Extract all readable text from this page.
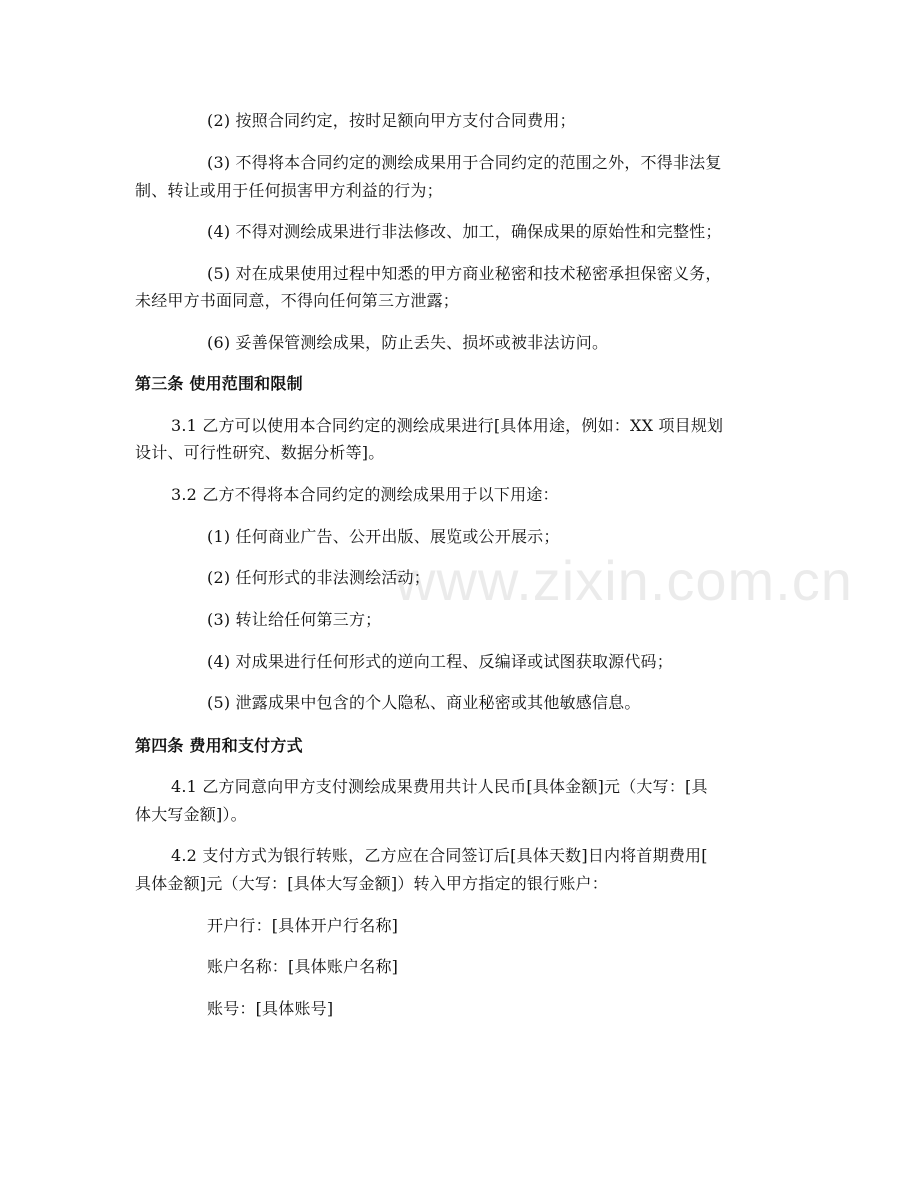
(2) 按照合同约定，按时足额向甲方支付合同费用；
(3) 不得将本合同约定的测绘成果用于合同约定的范围之外，不得非法复
制、转让或用于任何损害甲方利益的行为；
(4) 不得对测绘成果进行非法修改、加工，确保成果的原始性和完整性；
(5) 对在成果使用过程中知悉的甲方商业秘密和技术秘密承担保密义务，
未经甲方书面同意，不得向任何第三方泄露；
(6) 妥善保管测绘成果，防止丢失、损坏或被非法访问。
第三条 使用范围和限制
3.1 乙方可以使用本合同约定的测绘成果进行[具体用途，例如：XX 项目规划
设计、可行性研究、数据分析等]。
3.2 乙方不得将本合同约定的测绘成果用于以下用途：
(1) 任何商业广告、公开出版、展览或公开展示；
(2) 任何形式的非法测绘活动；
(3) 转让给任何第三方；
(4) 对成果进行任何形式的逆向工程、反编译或试图获取源代码；
(5) 泄露成果中包含的个人隐私、商业秘密或其他敏感信息。
第四条 费用和支付方式
4.1 乙方同意向甲方支付测绘成果费用共计人民币[具体金额]元（大写：[具
体大写金额]）。
4.2 支付方式为银行转账，乙方应在合同签订后[具体天数]日内将首期费用[
具体金额]元（大写：[具体大写金额]）转入甲方指定的银行账户：
开户行：[具体开户行名称]
账户名称：[具体账户名称]
账号：[具体账号]
www.zixin.com.cn
